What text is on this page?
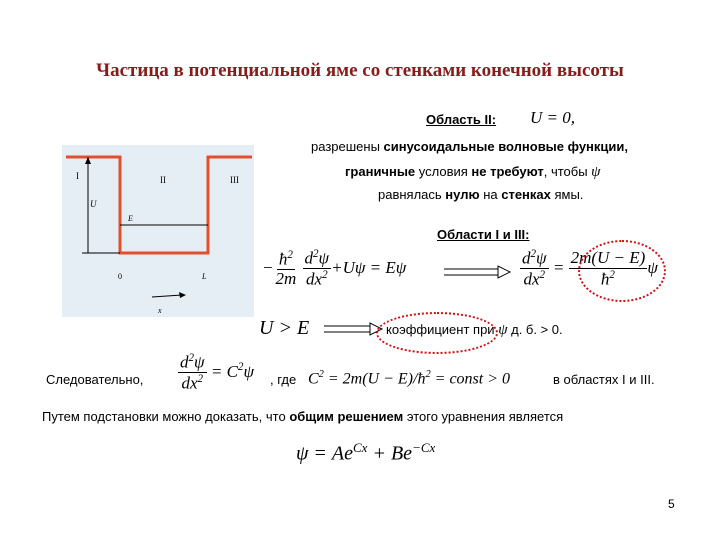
Частица в потенциальной яме со стенками конечной высоты
Область II: U = 0,
разрешены синусоидальные волновые функции,
граничные условия не требуют, чтобы ψ
равнялась нулю на стенках ямы.
Области I и III:
I	II	III
U
E
0	L
x
− $\frac{ħ^2}{2m}$
$\frac{d^2\psi}{dx^2} +U\psi = E\psi$	$\frac{d^2\psi}{dx^2} = \frac{2m(U - E)}{ħ^2}$ ψ
U > E	коэффициент при ψ д. б. > 0.
Следовательно, $\frac{d^2\psi}{dx^2} = C^2\psi$ , где $C^2 = 2m(U$ − $E)/ħ^2$ = const > 0	в областях I и III.
Путем подстановки можно доказать, что общим решением этого уравнения является
$\psi = Ae^{Cx} + Be^{-Cx}$
5
